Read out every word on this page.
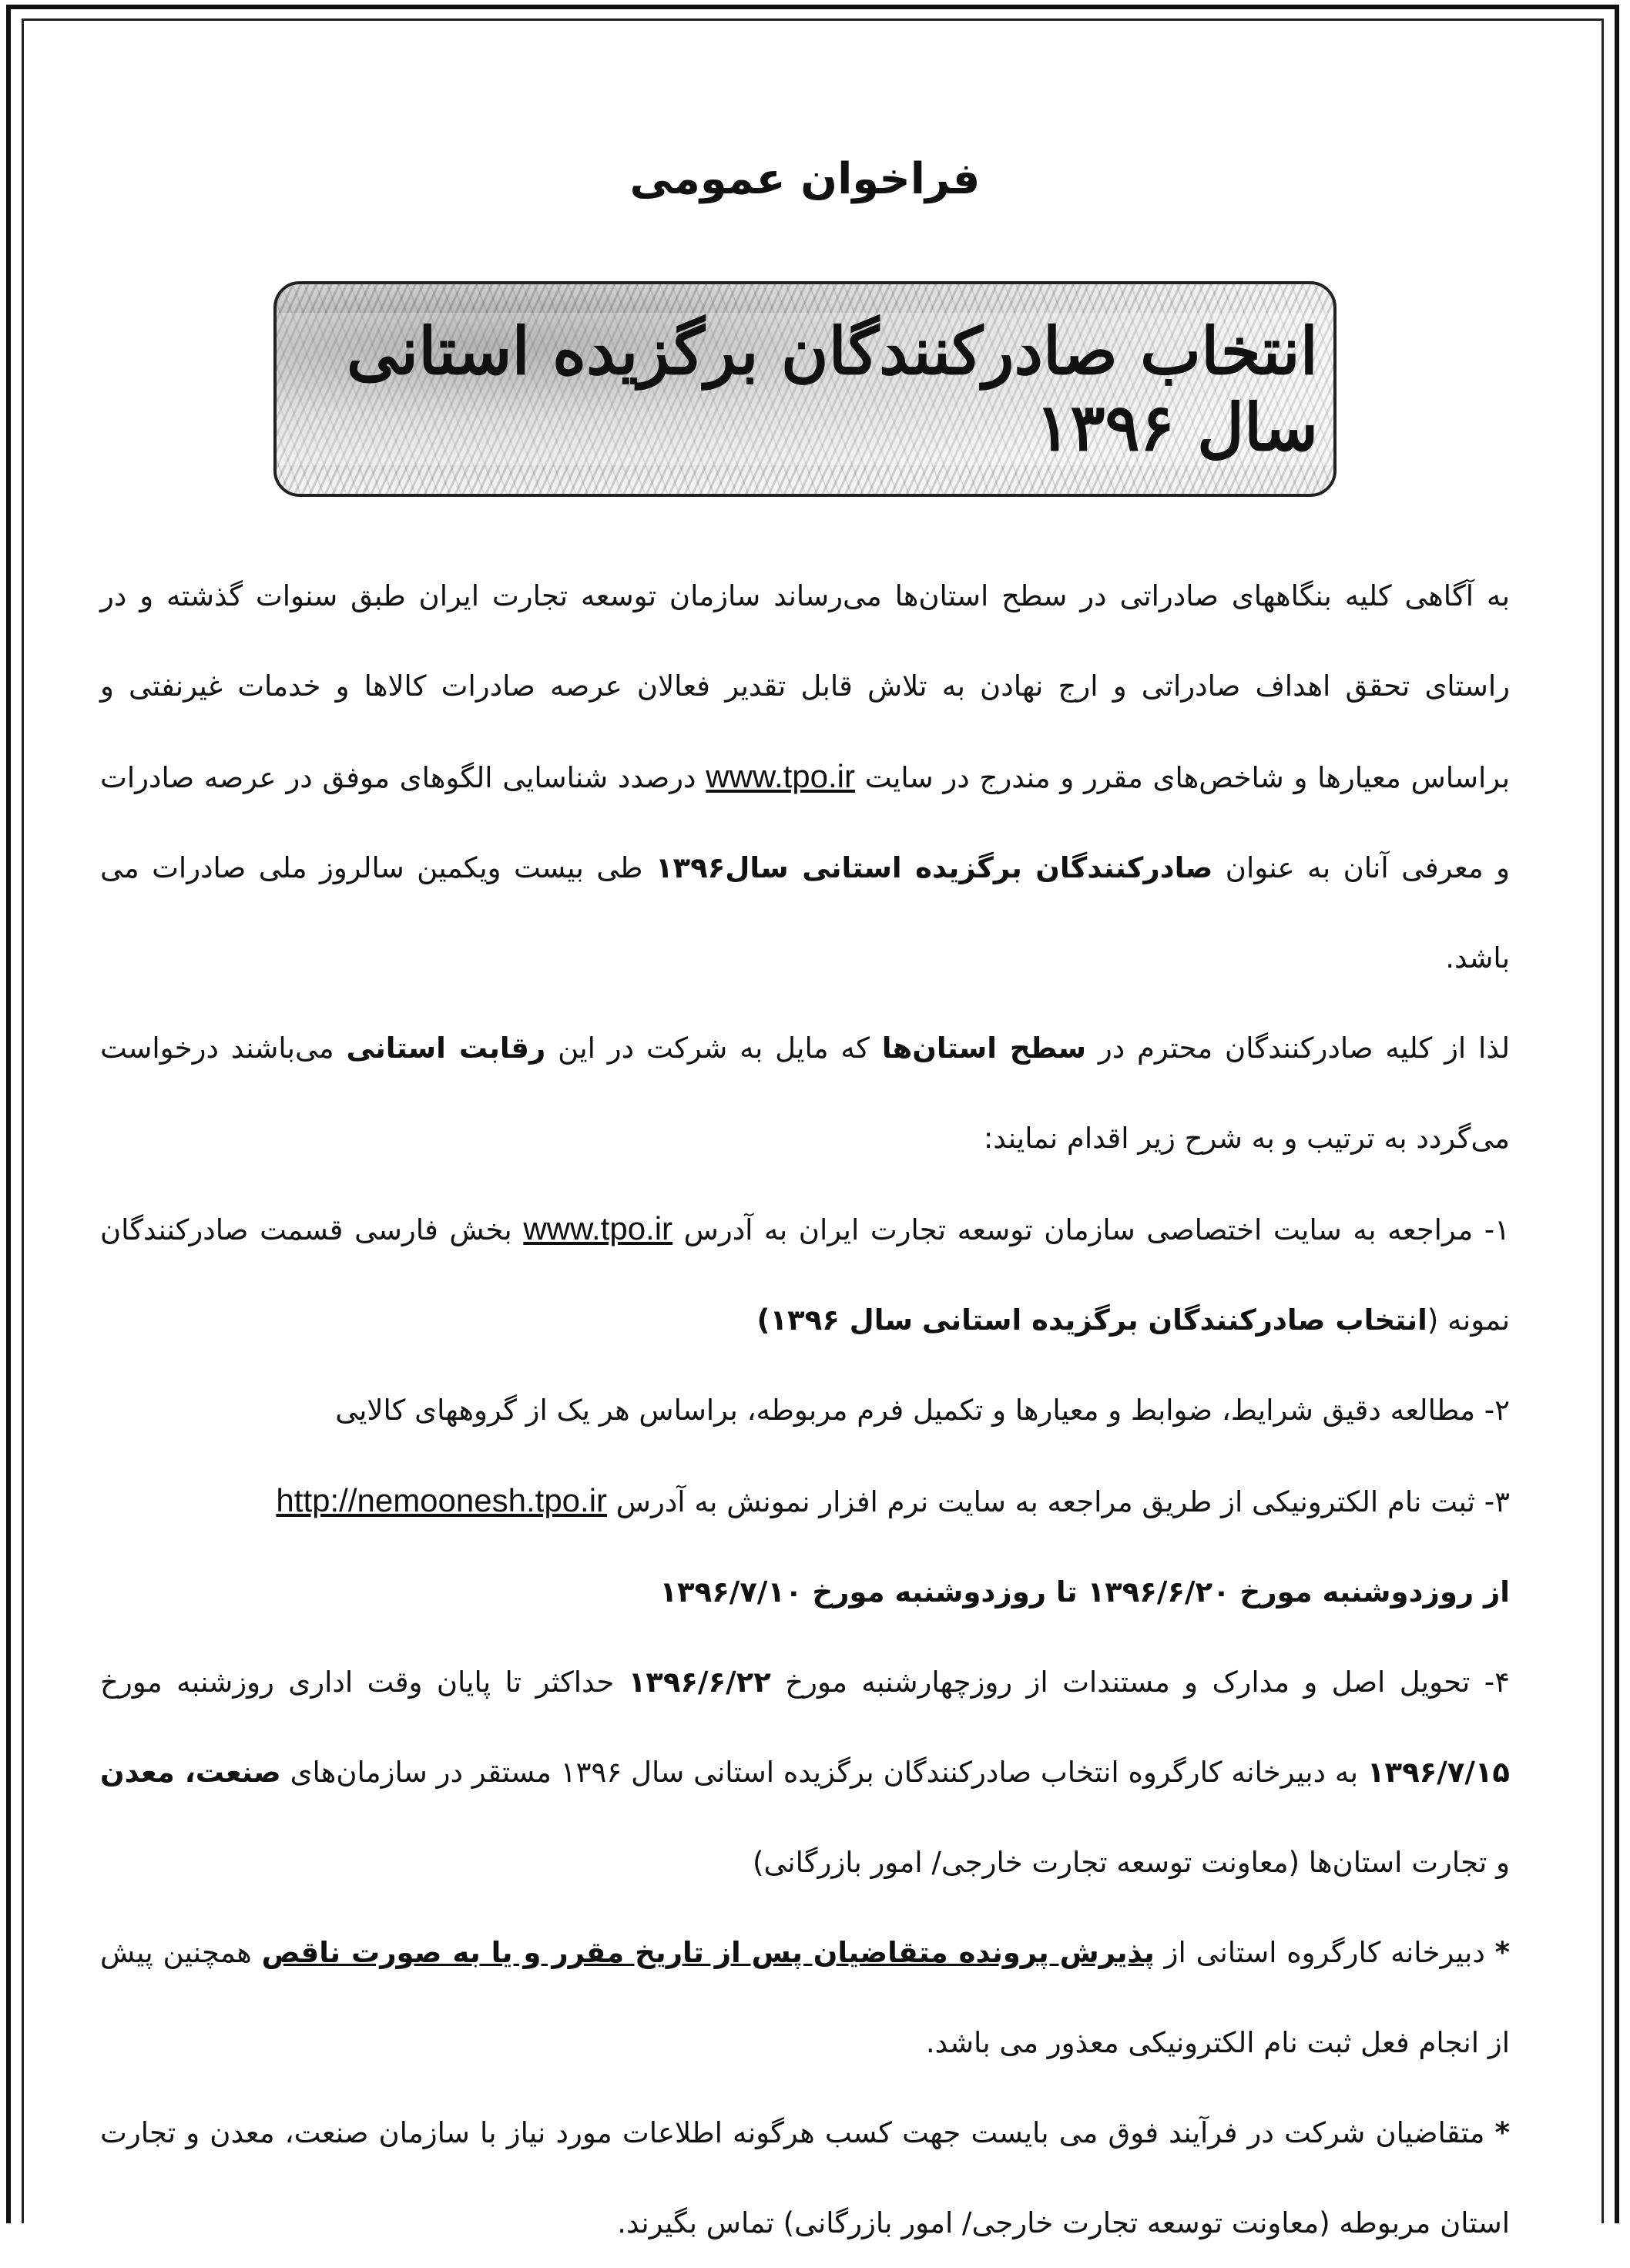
فراخوان عمومی
انتخاب صادرکنندگان برگزیده استانی سال ۱۳۹۶

به آگاهی کلیه بنگاههای صادراتی در سطح استان‌ها می‌رساند سازمان توسعه تجارت ایران طبق سنوات گذشته و در راستای تحقق اهداف صادراتی و ارج نهادن به تلاش قابل تقدیر فعالان عرصه صادرات کالاها و خدمات غیرنفتی و براساس معیارها و شاخص‌های مقرر و مندرج در سایت www.tpo.ir درصدد شناسایی الگوهای موفق در عرصه صادرات و معرفی آنان به عنوان صادرکنندگان برگزیده استانی سال۱۳۹۶ طی بیست ویکمین سالروز ملی صادرات می باشد.

لذا از کلیه صادرکنندگان محترم در سطح استان‌ها که مایل به شرکت در این رقابت استانی می‌باشند درخواست می‌گردد به ترتیب و به شرح زیر اقدام نمایند:

۱- مراجعه به سایت اختصاصی سازمان توسعه تجارت ایران به آدرس www.tpo.ir بخش فارسی قسمت صادرکنندگان نمونه (انتخاب صادرکنندگان برگزیده استانی سال ۱۳۹۶)

۲- مطالعه دقیق شرایط، ضوابط و معیارها و تکمیل فرم مربوطه، براساس هر یک از گروههای کالایی

۳- ثبت نام الکترونیکی از طریق مراجعه به سایت نرم افزار نمونش به آدرس http://nemoonesh.tpo.ir
از روزدوشنبه مورخ ۱۳۹۶/۶/۲۰ تا روزدوشنبه مورخ ۱۳۹۶/۷/۱۰

۴- تحویل اصل و مدارک و مستندات از روزچهارشنبه مورخ ۱۳۹۶/۶/۲۲ حداکثر تا پایان وقت اداری روزشنبه مورخ ۱۳۹۶/۷/۱۵ به دبیرخانه کارگروه انتخاب صادرکنندگان برگزیده استانی سال ۱۳۹۶ مستقر در سازمان‌های صنعت، معدن و تجارت استان‌ها (معاونت توسعه تجارت خارجی/ امور بازرگانی)

* دبیرخانه کارگروه استانی از پذیرش پرونده متقاضیان پس از تاریخ مقرر و یا به صورت ناقص همچنین پیش از انجام فعل ثبت نام الکترونیکی معذور می باشد.

* متقاضیان شرکت در فرآیند فوق می بایست جهت کسب هرگونه اطلاعات مورد نیاز با سازمان صنعت، معدن و تجارت استان مربوطه (معاونت توسعه تجارت خارجی/ امور بازرگانی) تماس بگیرند.
